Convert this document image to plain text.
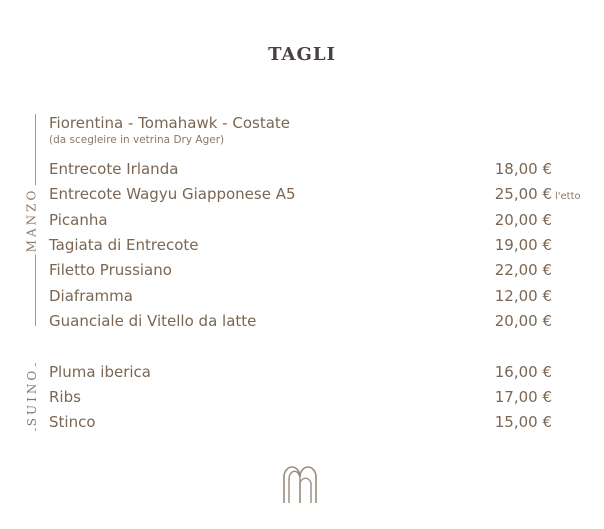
TAGLI
MANZO
Fiorentina - Tomahawk - Costate
(da scegleire in vetrina Dry Ager)
Entrecote Irlanda	18,00 €
Entrecote Wagyu Giapponese A5	25,00 € l'etto
Picanha	20,00 €
Tagiata di Entrecote	19,00 €
Filetto Prussiano	22,00 €
Diaframma	12,00 €
Guanciale di Vitello da latte	20,00 €
SUINO Pluma iberica	16,00 €
Ribs	17,00 €
Stinco	15,00 €
